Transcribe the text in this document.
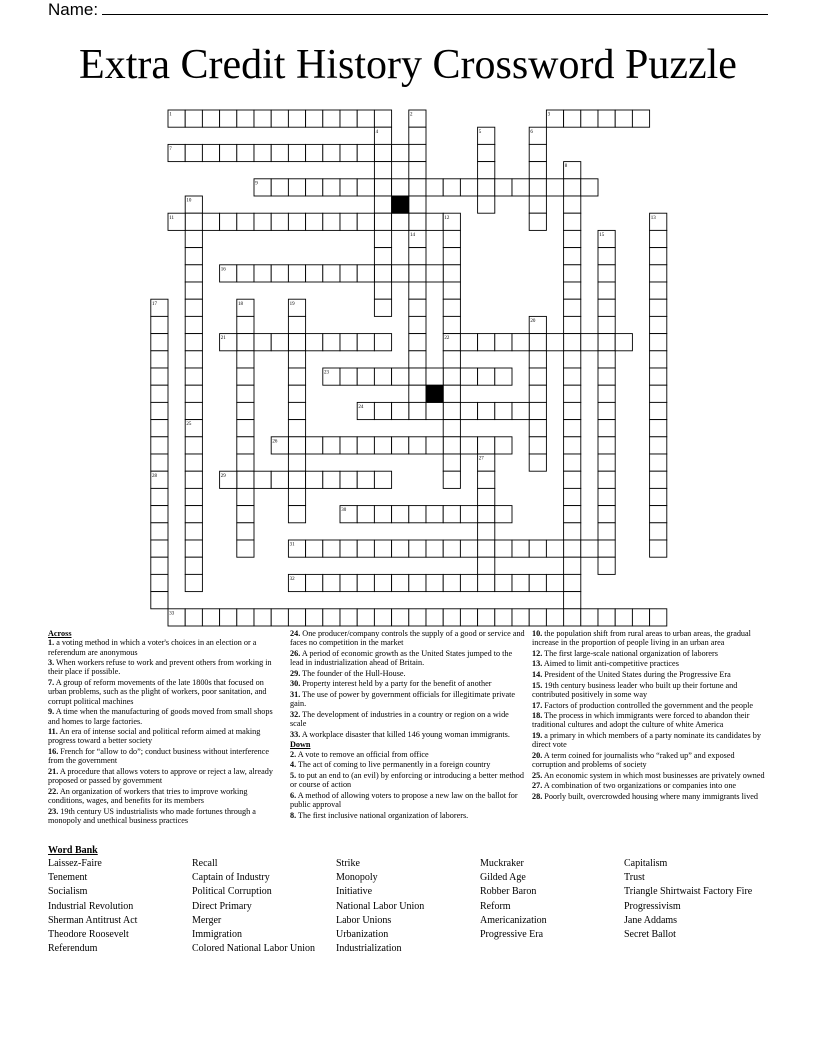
Name:
Extra Credit History Crossword Puzzle
1	2	3
4	5	6
7
8
9
10
11	12	13
14	15
16
17	18	19
20
21	22
23
24
25
26
27
28	29
30
31
32
33
Across
1. a voting method in which a voter's choices in an election or a referendum are anonymous
3. When workers refuse to work and prevent others from working in their place if possible.
7. A group of reform movements of the late 1800s that focused on urban problems, such as the plight of workers, poor sanitation, and corrupt political machines
9. A time when the manufacturing of goods moved from small shops and homes to large factories.
11. An era of intense social and political reform aimed at making progress toward a better society
16. French for “allow to do”; conduct business without interference from the government
21. A procedure that allows voters to approve or reject a law, already proposed or passed by government
22. An organization of workers that tries to improve working conditions, wages, and benefits for its members
23. 19th century US industrialists who made fortunes through a monopoly and unethical business practices
24. One producer/company controls the supply of a good or service and faces no competition in the market
26. A period of economic growth as the United States jumped to the lead in industrialization ahead of Britain.
29. The founder of the Hull-House.
30. Property interest held by a party for the benefit of another
31. The use of power by government officials for illegitimate private gain.
32. The development of industries in a country or region on a wide scale
33. A workplace disaster that killed 146 young woman immigrants.
Down
2. A vote to remove an official from office
4. The act of coming to live permanently in a foreign country
5. to put an end to (an evil) by enforcing or introducing a better method or course of action
6. A method of allowing voters to propose a new law on the ballot for public approval
8. The first inclusive national organization of laborers.
10. the population shift from rural areas to urban areas, the gradual increase in the proportion of people living in an urban area
12. The first large-scale national organization of laborers
13. Aimed to limit anti-competitive practices
14. President of the United States during the Progressive Era
15. 19th century business leader who built up their fortune and contributed positively in some way
17. Factors of production controlled the government and the people
18. The process in which immigrants were forced to abandon their traditional cultures and adopt the culture of white America
19. a primary in which members of a party nominate its candidates by direct vote
20. A term coined for journalists who “raked up” and exposed corruption and problems of society
25. An economic system in which most businesses are privately owned
27. A combination of two organizations or companies into one
28. Poorly built, overcrowded housing where many immigrants lived
Word Bank
Laissez-Faire	Recall	Strike	Muckraker	Capitalism
Tenement	Captain of Industry	Monopoly	Gilded Age	Trust
Socialism	Political Corruption	Initiative	Robber Baron	Triangle Shirtwaist Factory Fire
Industrial Revolution	Direct Primary	National Labor Union	Reform	Progressivism
Sherman Antitrust Act	Merger	Labor Unions	Americanization	Jane Addams
Theodore Roosevelt	Immigration	Urbanization	Progressive Era	Secret Ballot
Referendum	Colored National Labor Union	Industrialization
